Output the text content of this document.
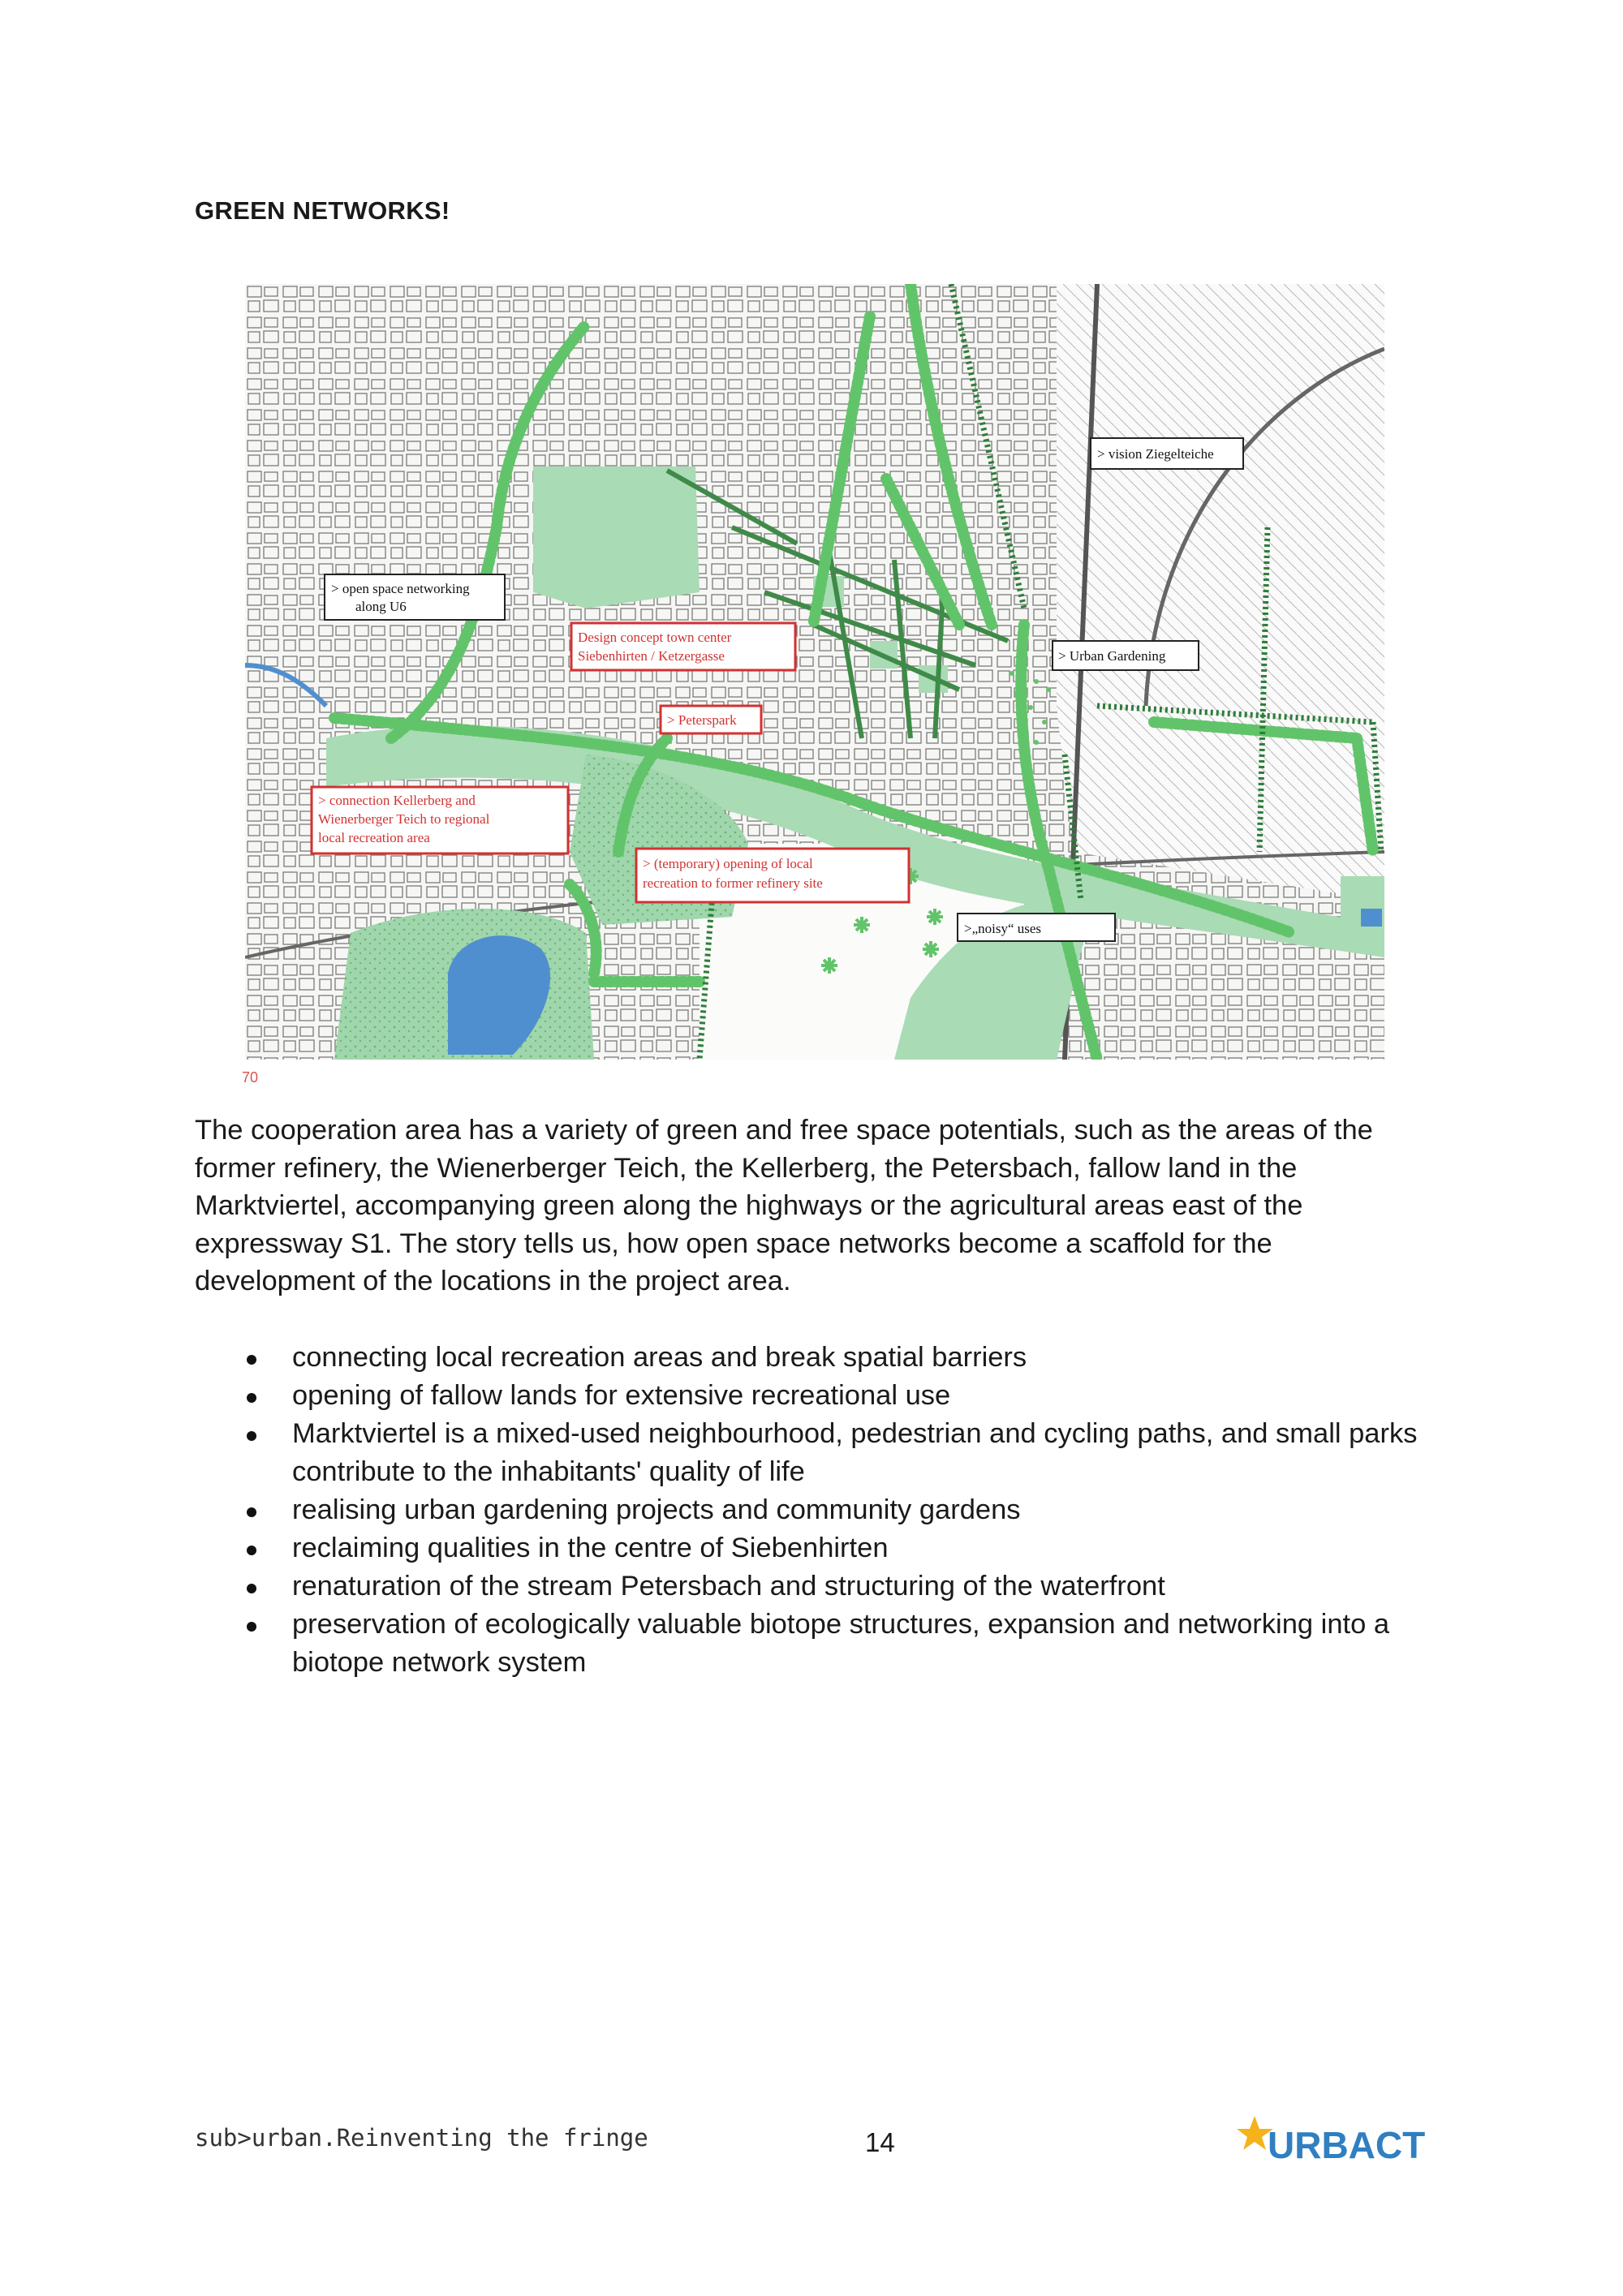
GREEN NETWORKS!
> vision Ziegelteiche
> open space networking
along U6
Design concept town center
Siebenhirten / Ketzergasse	> Urban Gardening
> Peterspark
> connection Kellerberg and
Wienerberger Teich to regional
local recreation area
> (temporary) opening of local
recreation to former refinery site
>„noisy“ uses
70

The cooperation area has a variety of green and free space potentials, such as the areas of the former refinery, the Wienerberger Teich, the Kellerberg, the Petersbach, fallow land in the Marktviertel, accompanying green along the highways or the agricultural areas east of the expressway S1. The story tells us, how open space networks become a scaffold for the development of the locations in the project area.

connecting local recreation areas and break spatial barriers
opening of fallow lands for extensive recreational use
Marktviertel is a mixed-used neighbourhood, pedestrian and cycling paths, and small parks contribute to the inhabitants' quality of life
realising urban gardening projects and community gardens
reclaiming qualities in the centre of Siebenhirten
renaturation of the stream Petersbach and structuring of the waterfront
preservation of ecologically valuable biotope structures, expansion and networking into a biotope network system
sub>urban.Reinventing the fringe	14	URBACT
